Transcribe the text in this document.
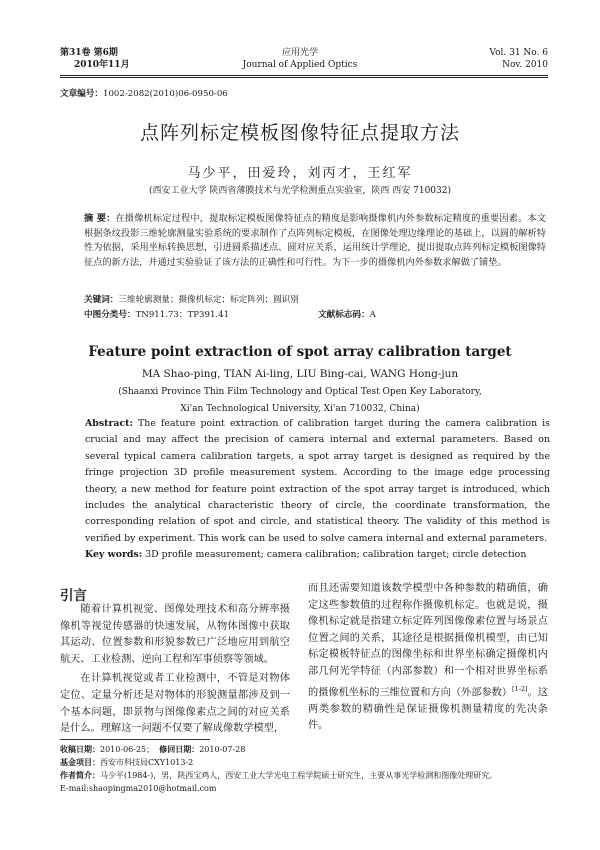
第31卷 第6期
2010年11月
应用光学
Journal of Applied Optics
Vol. 31 No. 6
Nov. 2010
文章编号：1002-2082(2010)06-0950-06
点阵列标定模板图像特征点提取方法
马少平，田爱玲，刘丙才，王红军
(西安工业大学 陕西省薄膜技术与光学检测重点实验室，陕西 西安 710032)
摘 要：在摄像机标定过程中，提取标定模板图像特征点的精度是影响摄像机内外参数标定精度的重要因素。本文根据条纹投影三维轮廓测量实验系统的要求制作了点阵列标定模板，在图像处理边缘理论的基础上，以圆的解析特性为依据，采用坐标转换思想，引进圆系描述点、圆对应关系，运用统计学理论，提出提取点阵列标定模板图像特征点的新方法，并通过实验验证了该方法的正确性和可行性。为下一步的摄像机内外参数求解做了铺垫。
关键词：三维轮廓测量；摄像机标定；标定阵列；圆识别
中图分类号：TN911.73；TP391.41	文献标志码：A
Feature point extraction of spot array calibration target
MA Shao-ping, TIAN Ai-ling, LIU Bing-cai, WANG Hong-jun
(Shaanxi Province Thin Film Technology and Optical Test Open Key Laboratory,
Xi'an Technological University, Xi'an 710032, China)
Abstract: The feature point extraction of calibration target during the camera calibration is crucial and may affect the precision of camera internal and external parameters. Based on several typical camera calibration targets, a spot array target is designed as required by the fringe projection 3D profile measurement system. According to the image edge processing theory, a new method for feature point extraction of the spot array target is introduced, which includes the analytical characteristic theory of circle, the coordinate transformation, the corresponding relation of spot and circle, and statistical theory. The validity of this method is verified by experiment. This work can be used to solve camera internal and external parameters.
Key words: 3D profile measurement; camera calibration; calibration target; circle detection
引言

随着计算机视觉、图像处理技术和高分辨率摄像机等视觉传感器的快速发展，从物体图像中获取其运动、位置参数和形貌参数已广泛地应用到航空航天、工业检测、逆向工程和军事侦察等领域。

在计算机视觉或者工业检测中，不管是对物体定位、定量分析还是对物体的形貌测量都涉及到一个基本问题，即景物与图像像素点之间的对应关系是什么。理解这一问题不仅要了解成像数学模型，

而且还需要知道该数学模型中各种参数的精确值，确定这些参数值的过程称作摄像机标定。也就是说，摄像机标定就是指建立标定阵列图像像素位置与场景点位置之间的关系，其途径是根据摄像机模型，由已知标定模板特征点的图像坐标和世界坐标确定摄像机内部几何光学特征（内部参数）和一个相对世界坐标系的摄像机坐标的三维位置和方向（外部参数）[1-2]。这两类参数的精确性是保证摄像机测量精度的先决条件。

收稿日期：2010-06-25； 修回日期：2010-07-28
基金项目：西安市科技局CXY1013-2
作者简介：马少平(1984-)，男，陕西宝鸡人，西安工业大学光电工程学院硕士研究生，主要从事光学检测和图像处理研究。
E-mail:shaopingma2010@hotmail.com
